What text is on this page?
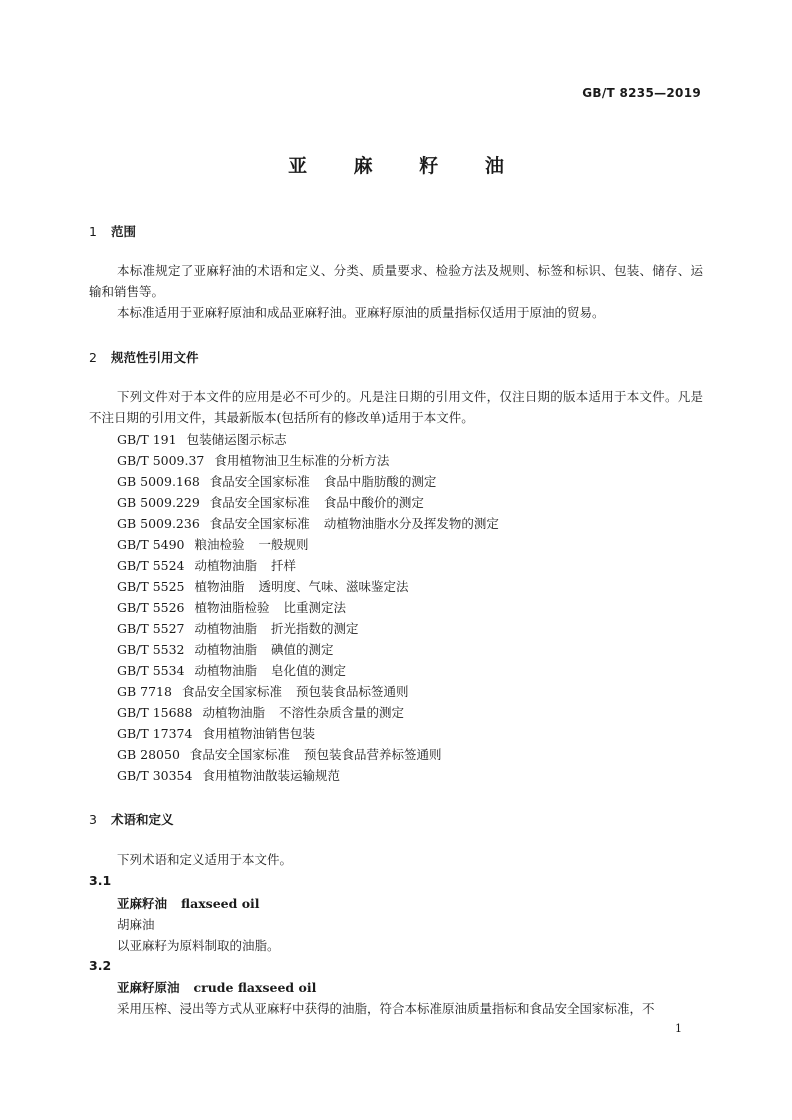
GB/T 8235—2019
亚 麻 籽 油
1 范围
本标准规定了亚麻籽油的术语和定义、分类、质量要求、检验方法及规则、标签和标识、包装、储存、运输和销售等。
本标准适用于亚麻籽原油和成品亚麻籽油。亚麻籽原油的质量指标仅适用于原油的贸易。
2 规范性引用文件
下列文件对于本文件的应用是必不可少的。凡是注日期的引用文件，仅注日期的版本适用于本文件。凡是不注日期的引用文件，其最新版本(包括所有的修改单)适用于本文件。
GB/T 191 包装储运图示标志
GB/T 5009.37 食用植物油卫生标准的分析方法
GB 5009.168 食品安全国家标准 食品中脂肪酸的测定
GB 5009.229 食品安全国家标准 食品中酸价的测定
GB 5009.236 食品安全国家标准 动植物油脂水分及挥发物的测定
GB/T 5490 粮油检验 一般规则
GB/T 5524 动植物油脂 扦样
GB/T 5525 植物油脂 透明度、气味、滋味鉴定法
GB/T 5526 植物油脂检验 比重测定法
GB/T 5527 动植物油脂 折光指数的测定
GB/T 5532 动植物油脂 碘值的测定
GB/T 5534 动植物油脂 皂化值的测定
GB 7718 食品安全国家标准 预包装食品标签通则
GB/T 15688 动植物油脂 不溶性杂质含量的测定
GB/T 17374 食用植物油销售包装
GB 28050 食品安全国家标准 预包装食品营养标签通则
GB/T 30354 食用植物油散装运输规范
3 术语和定义
下列术语和定义适用于本文件。
3.1
亚麻籽油 flaxseed oil
胡麻油
以亚麻籽为原料制取的油脂。
3.2
亚麻籽原油 crude flaxseed oil
采用压榨、浸出等方式从亚麻籽中获得的油脂，符合本标准原油质量指标和食品安全国家标准，不
1
